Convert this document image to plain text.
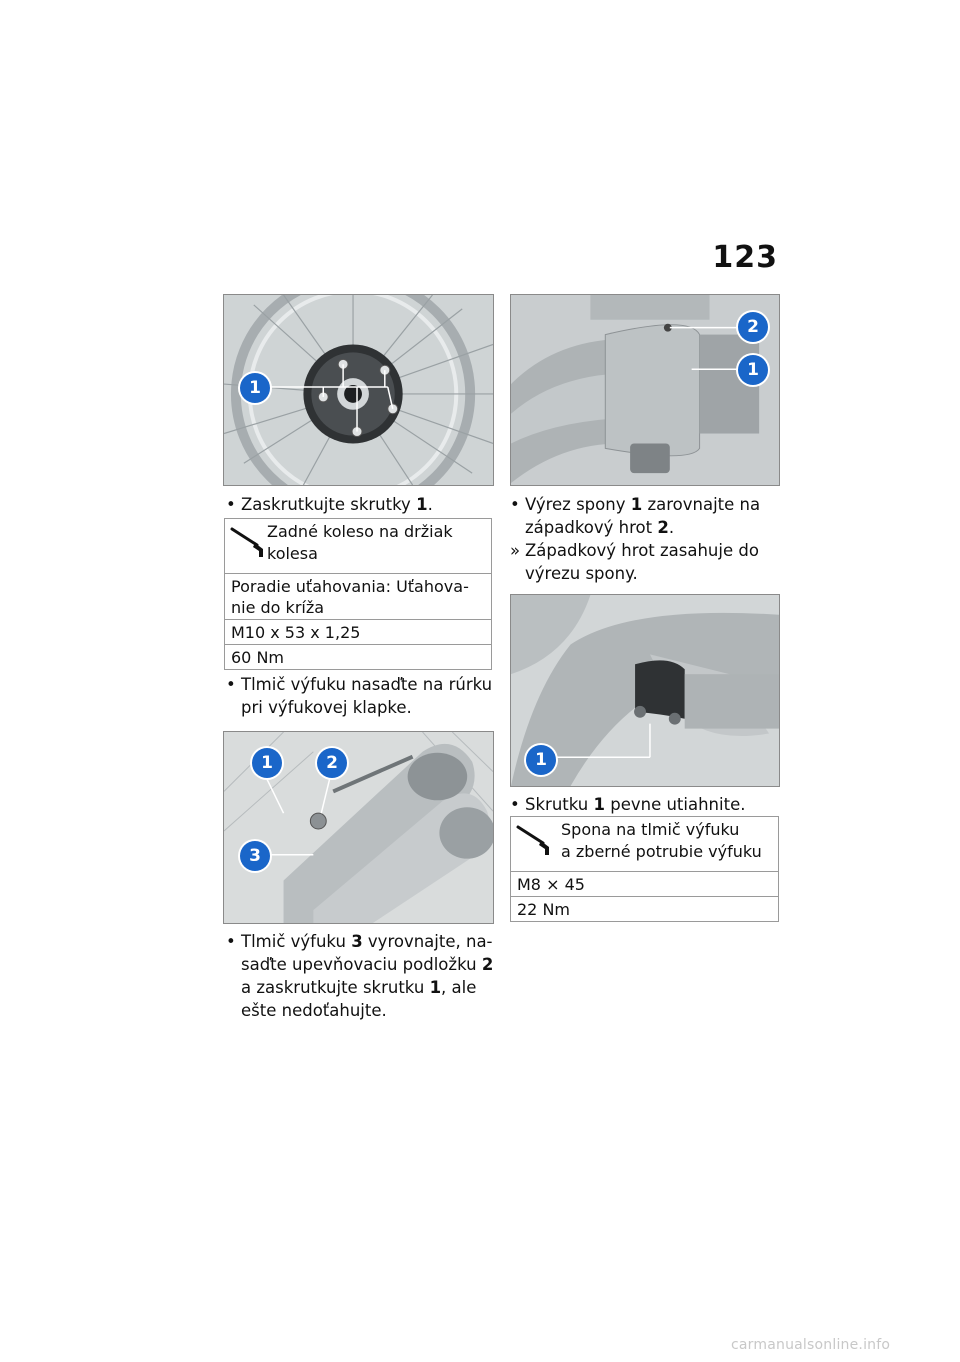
123
1
• Zaskrutkujte skrutky 1.
Zadné koleso na držiak
kolesa

Poradie uťahovania: Uťahova-
nie do kríža

M10 x 53 x 1,25
60 Nm
• Tlmič výfuku nasaďte na rúrku
pri výfukovej klapke.
1	2
3
• Tlmič výfuku 3 vyrovnajte, na-
saďte upevňovaciu podložku 2
a zaskrutkujte skrutku 1, ale
ešte nedoťahujte.
2
1
• Výrez spony 1 zarovnajte na
západkový hrot 2.
» Západkový hrot zasahuje do
výrezu spony.
1
• Skrutku 1 pevne utiahnite.
Spona na tlmič výfuku
a zberné potrubie výfuku

M8 × 45
22 Nm
carmanualsonline.info
